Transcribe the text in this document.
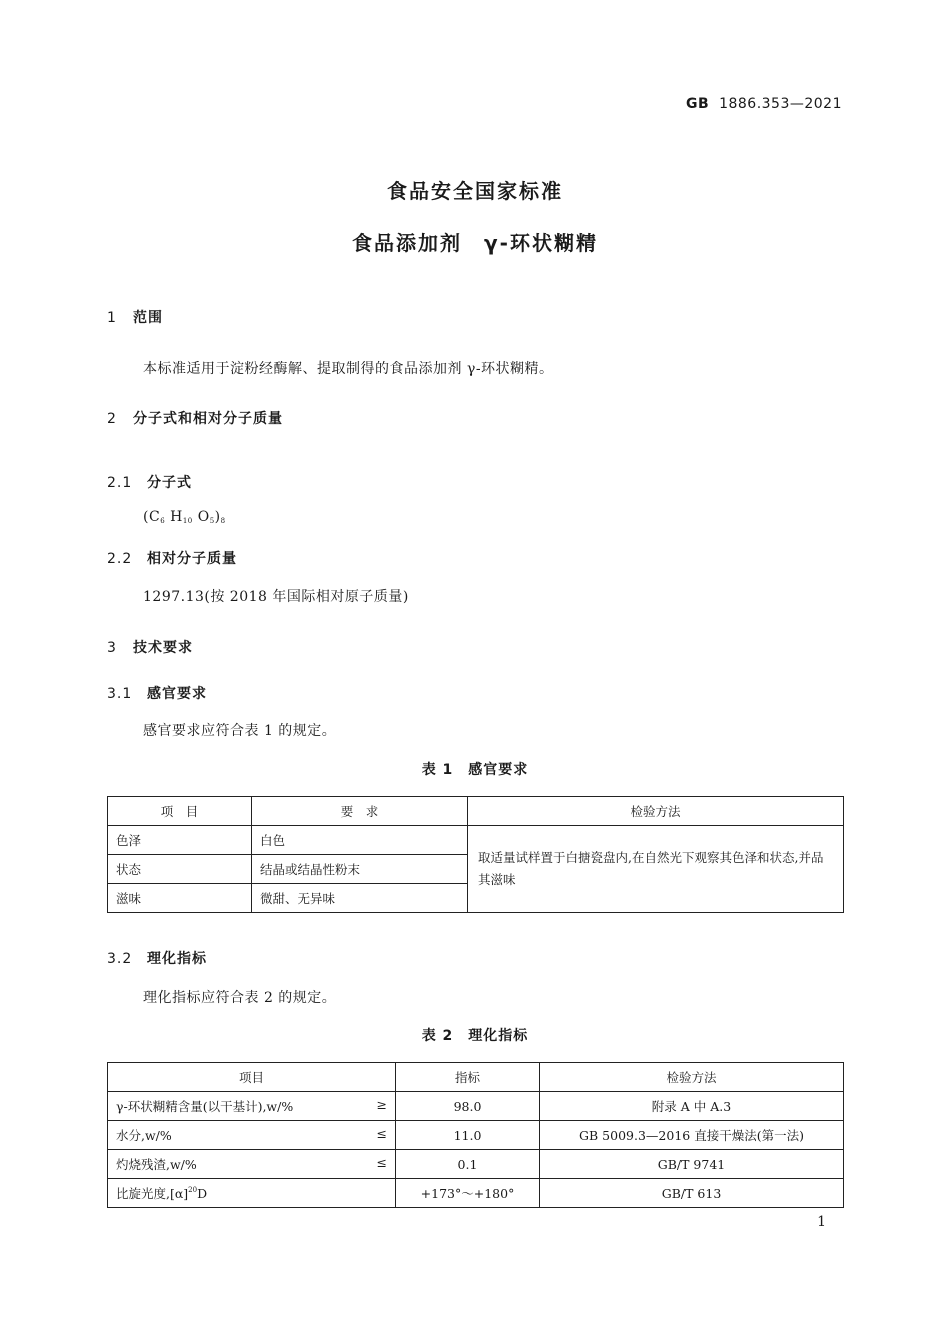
GB 1886.353—2021
食品安全国家标准
食品添加剂　γ-环状糊精
1 范围
本标准适用于淀粉经酶解、提取制得的食品添加剂 γ-环状糊精。
2 分子式和相对分子质量
2.1 分子式
($C_6$ $H_{10}$ $O_5)_8$
2.2 相对分子质量
1297.13(按 2018 年国际相对原子质量)
3 技术要求
3.1 感官要求
感官要求应符合表 1 的规定。
表 1　感官要求
项　目	要　求	检验方法
色泽	白色	取适量试样置于白搪瓷盘内,在自然光下观察其色泽和状态,并品其滋味
状态	结晶或结晶性粉末	
滋味	微甜、无异味	
3.2 理化指标
理化指标应符合表 2 的规定。
表 2　理化指标
项目	指标	检验方法
γ-环状糊精含量(以干基计),w/% ≥	98.0	附录 A 中 A.3
水分,w/% ≤	11.0	GB 5009.3—2016 直接干燥法(第一法)
灼烧残渣,w/% ≤	0.1	GB/T 9741
比旋光度$,[\alpha]^{20}D$	+173°～+180°	GB/T 613
1
